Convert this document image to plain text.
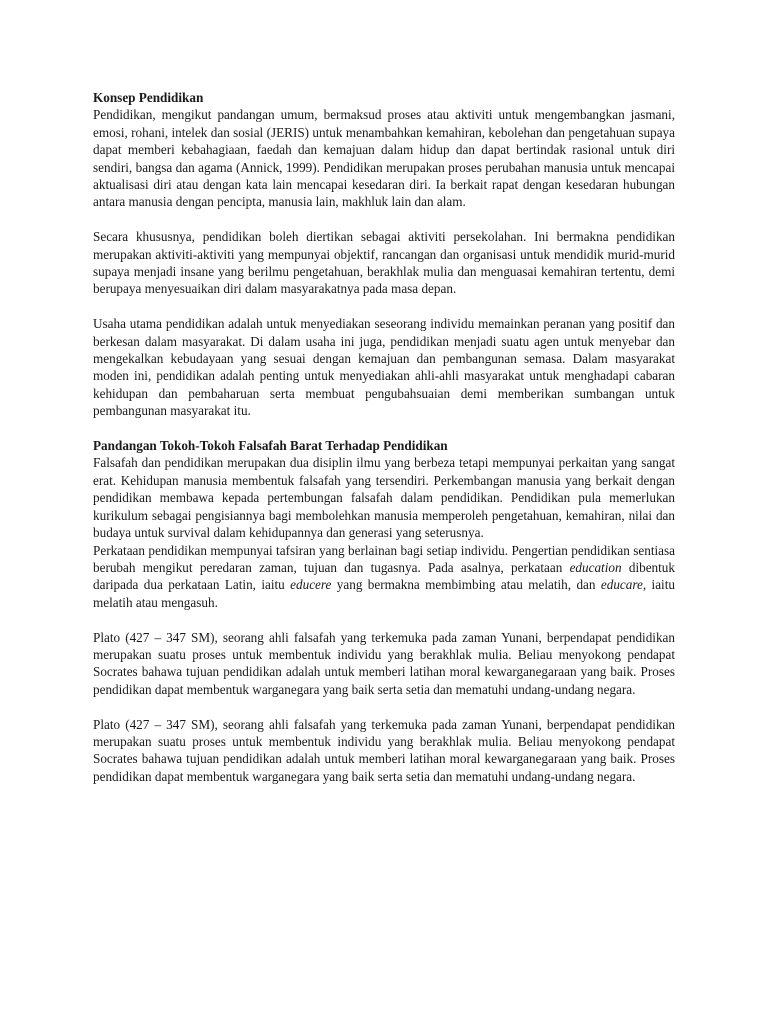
Konsep Pendidikan

Pendidikan, mengikut pandangan umum, bermaksud proses atau aktiviti untuk mengembangkan jasmani, emosi, rohani, intelek dan sosial (JERIS) untuk menambahkan kemahiran, kebolehan dan pengetahuan supaya dapat memberi kebahagiaan, faedah dan kemajuan dalam hidup dan dapat bertindak rasional untuk diri sendiri, bangsa dan agama (Annick, 1999). Pendidikan merupakan proses perubahan manusia untuk mencapai aktualisasi diri atau dengan kata lain mencapai kesedaran diri. Ia berkait rapat dengan kesedaran hubungan antara manusia dengan pencipta, manusia lain, makhluk lain dan alam.

Secara khususnya, pendidikan boleh diertikan sebagai aktiviti persekolahan. Ini bermakna pendidikan merupakan aktiviti-aktiviti yang mempunyai objektif, rancangan dan organisasi untuk mendidik murid-murid supaya menjadi insane yang berilmu pengetahuan, berakhlak mulia dan menguasai kemahiran tertentu, demi berupaya menyesuaikan diri dalam masyarakatnya pada masa depan.

Usaha utama pendidikan adalah untuk menyediakan seseorang individu memainkan peranan yang positif dan berkesan dalam masyarakat. Di dalam usaha ini juga, pendidikan menjadi suatu agen untuk menyebar dan mengekalkan kebudayaan yang sesuai dengan kemajuan dan pembangunan semasa. Dalam masyarakat moden ini, pendidikan adalah penting untuk menyediakan ahli-ahli masyarakat untuk menghadapi cabaran kehidupan dan pembaharuan serta membuat pengubahsuaian demi memberikan sumbangan untuk pembangunan masyarakat itu.

Pandangan Tokoh-Tokoh Falsafah Barat Terhadap Pendidikan

Falsafah dan pendidikan merupakan dua disiplin ilmu yang berbeza tetapi mempunyai perkaitan yang sangat erat. Kehidupan manusia membentuk falsafah yang tersendiri. Perkembangan manusia yang berkait dengan pendidikan membawa kepada pertembungan falsafah dalam pendidikan. Pendidikan pula memerlukan kurikulum sebagai pengisiannya bagi membolehkan manusia memperoleh pengetahuan, kemahiran, nilai dan budaya untuk survival dalam kehidupannya dan generasi yang seterusnya.

Perkataan pendidikan mempunyai tafsiran yang berlainan bagi setiap individu. Pengertian pendidikan sentiasa berubah mengikut peredaran zaman, tujuan dan tugasnya. Pada asalnya, perkataan education dibentuk daripada dua perkataan Latin, iaitu educere yang bermakna membimbing atau melatih, dan educare, iaitu melatih atau mengasuh.

Plato (427 – 347 SM), seorang ahli falsafah yang terkemuka pada zaman Yunani, berpendapat pendidikan merupakan suatu proses untuk membentuk individu yang berakhlak mulia. Beliau menyokong pendapat Socrates bahawa tujuan pendidikan adalah untuk memberi latihan moral kewarganegaraan yang baik. Proses pendidikan dapat membentuk warganegara yang baik serta setia dan mematuhi undang-undang negara.

Plato (427 – 347 SM), seorang ahli falsafah yang terkemuka pada zaman Yunani, berpendapat pendidikan merupakan suatu proses untuk membentuk individu yang berakhlak mulia. Beliau menyokong pendapat Socrates bahawa tujuan pendidikan adalah untuk memberi latihan moral kewarganegaraan yang baik. Proses pendidikan dapat membentuk warganegara yang baik serta setia dan mematuhi undang-undang negara.
